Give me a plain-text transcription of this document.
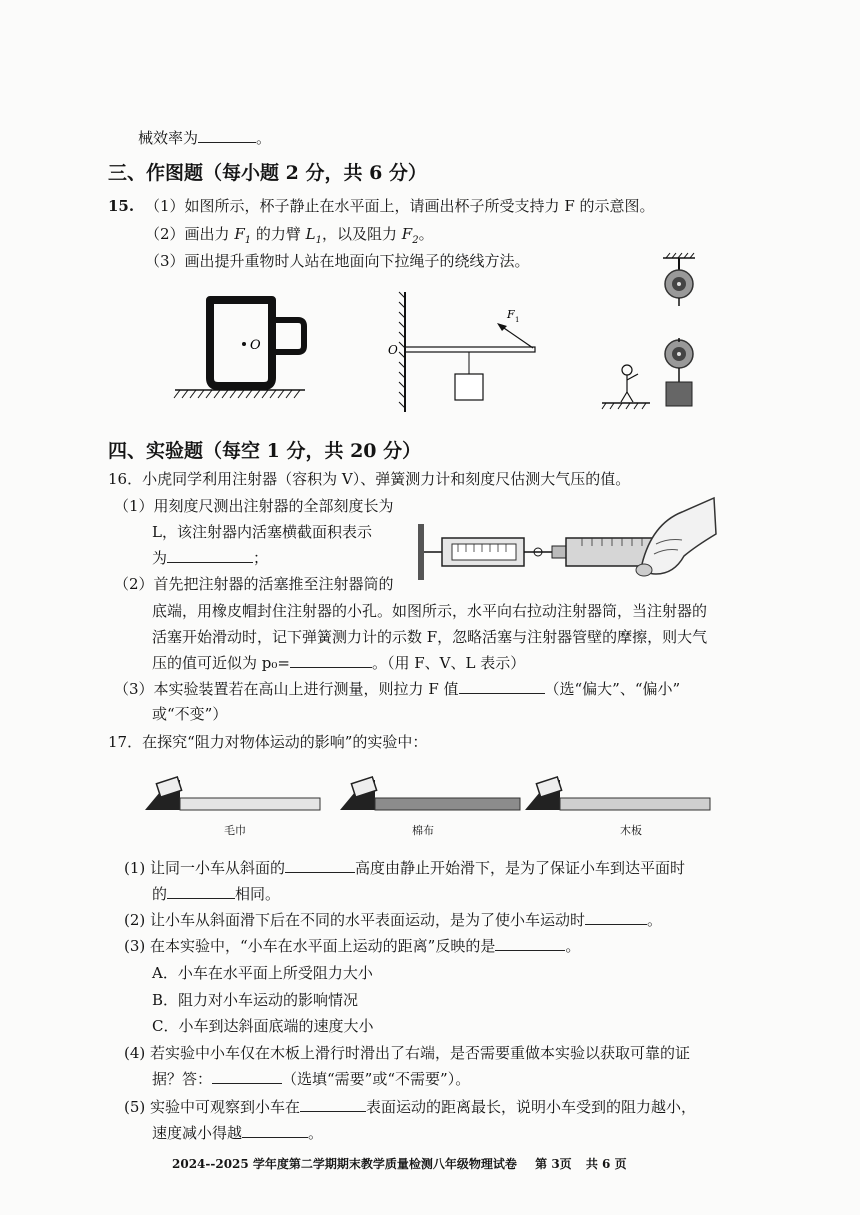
械效率为	。
三、作图题（每小题 2 分，共 6 分）
15. （1）如图所示，杯子静止在水平面上，请画出杯子所受支持力 F 的示意图。
（2）画出力 $F_1$ 的力臂 $L_1$，以及阻力 $F_2$。
（3）画出提升重物时人站在地面向下拉绳子的绕线方法。
O	O
F 1
四、实验题（每空 1 分，共 20 分）
16．小虎同学利用注射器（容积为 V）、弹簧测力计和刻度尺估测大气压的值。
（1）用刻度尺测出注射器的全部刻度长为
L，该注射器内活塞横截面积表示
为	；
（2）首先把注射器的活塞推至注射器筒的
底端，用橡皮帽封住注射器的小孔。如图所示，水平向右拉动注射器筒，当注射器的
活塞开始滑动时，记下弹簧测力计的示数 F，忽略活塞与注射器管壁的摩擦，则大气
压的值可近似为 p₀=	。（用 F、V、L 表示）
（3）本实验装置若在高山上进行测量，则拉力 F 值	（选“偏大”、“偏小”
或“不变”）
17．在探究“阻力对物体运动的影响”的实验中：
毛巾	棉布	木板
(1) 让同一小车从斜面的	高度由静止开始滑下，是为了保证小车到达平面时
的	相同。
(2) 让小车从斜面滑下后在不同的水平表面运动，是为了使小车运动时	。
(3) 在本实验中，“小车在水平面上运动的距离”反映的是	。
A．小车在水平面上所受阻力大小
B．阻力对小车运动的影响情况
C．小车到达斜面底端的速度大小
(4) 若实验中小车仅在木板上滑行时滑出了右端，是否需要重做本实验以获取可靠的证
据？答：	（选填“需要”或“不需要”）。
(5) 实验中可观察到小车在	表面运动的距离最长，说明小车受到的阻力越小，
速度减小得越	。
2024--2025 学年度第二学期期末教学质量检测八年级物理试卷 第 3页 共 6 页
